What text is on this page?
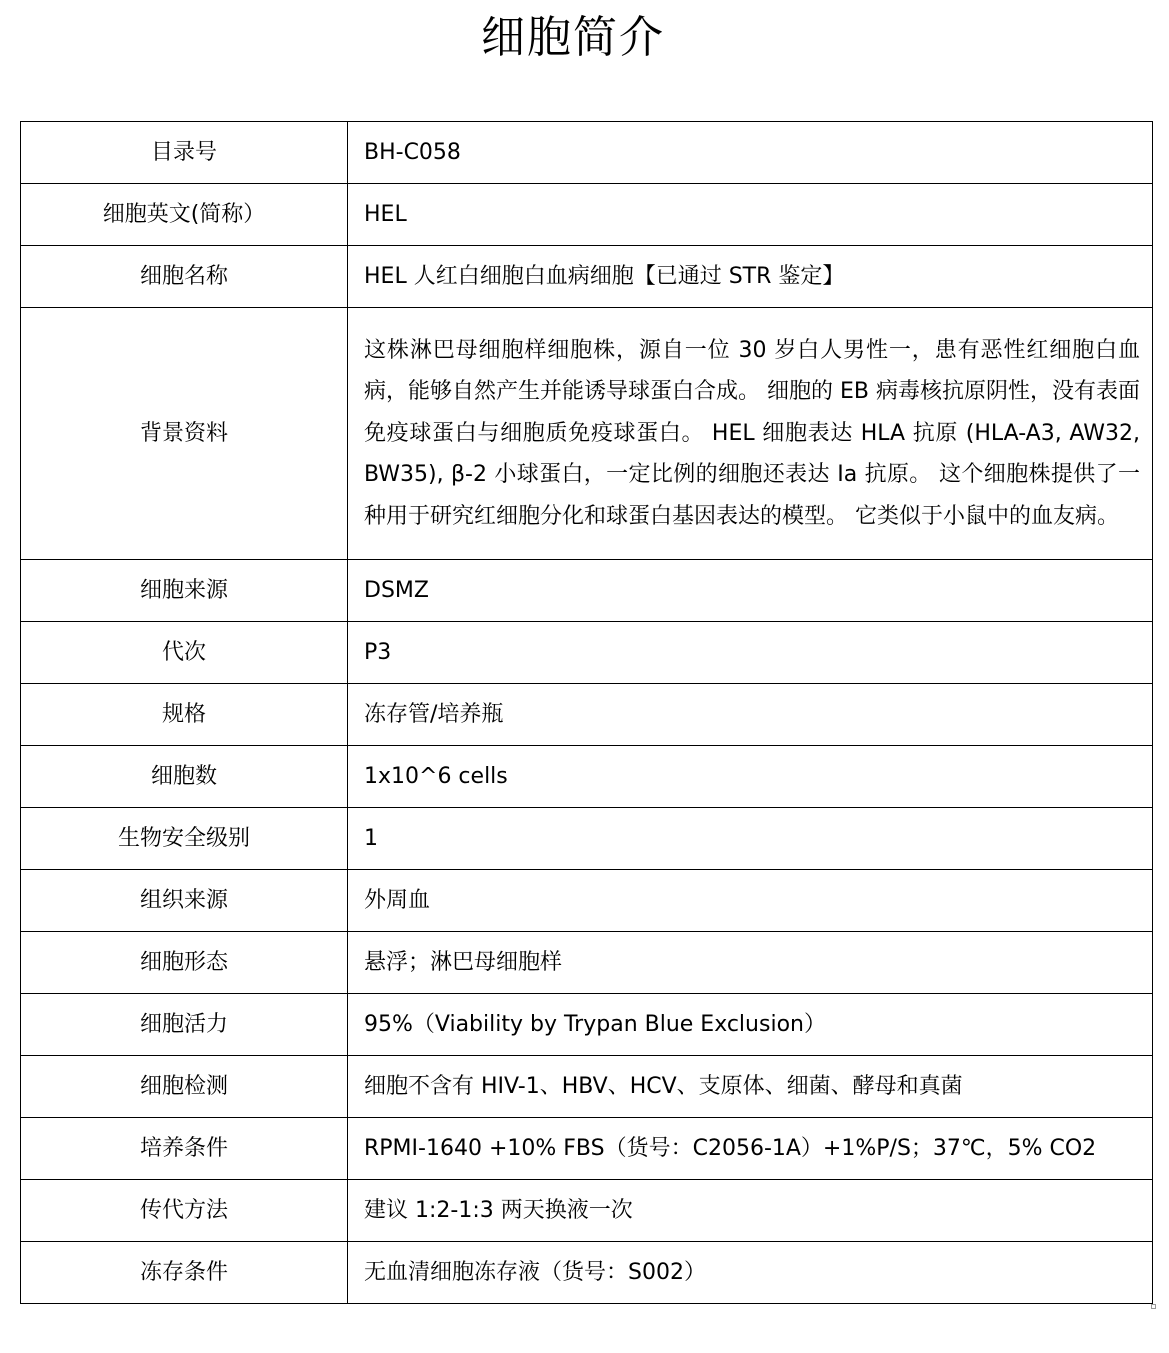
细胞简介
目录号	BH-C058
细胞英文(简称）	HEL
细胞名称	HEL 人红白细胞白血病细胞【已通过 STR 鉴定】
背景资料	这株淋巴母细胞样细胞株，源自一位 30 岁白人男性一，患有恶性红细胞白血病，能够自然产生并能诱导球蛋白合成。 细胞的 EB 病毒核抗原阴性，没有表面免疫球蛋白与细胞质免疫球蛋白。 HEL 细胞表达 HLA 抗原 (HLA-A3, AW32, BW35), β-2 小球蛋白，一定比例的细胞还表达 Ia 抗原。 这个细胞株提供了一种用于研究红细胞分化和球蛋白基因表达的模型。 它类似于小鼠中的血友病。

细胞来源	DSMZ
代次	P3
规格	冻存管/培养瓶
细胞数	1x10^6 cells
生物安全级别	1
组织来源	外周血
细胞形态	悬浮；淋巴母细胞样
细胞活力	95%（Viability by Trypan Blue Exclusion）
细胞检测	细胞不含有 HIV-1、HBV、HCV、支原体、细菌、酵母和真菌
培养条件	RPMI-1640 +10% FBS（货号：C2056-1A）+1%P/S；37℃，5% CO2
传代方法	建议 1:2-1:3 两天换液一次
冻存条件	无血清细胞冻存液（货号：S002）
